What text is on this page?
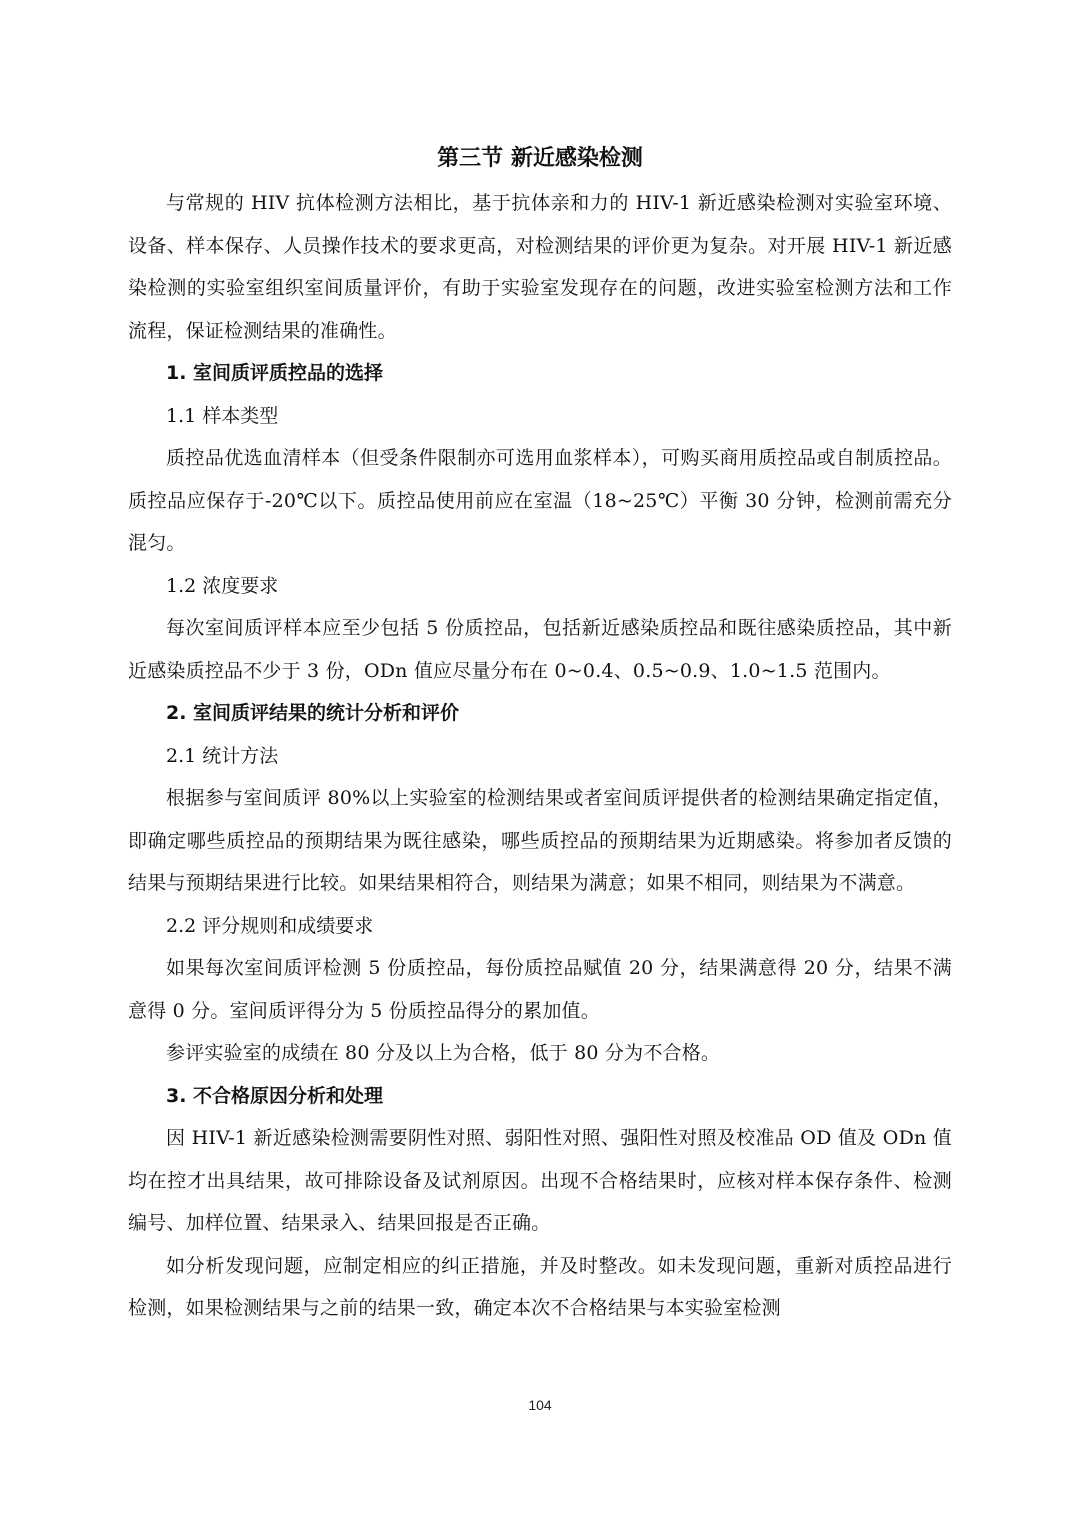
第三节 新近感染检测

与常规的 HIV 抗体检测方法相比，基于抗体亲和力的 HIV-1 新近感染检测对实验室环境、设备、样本保存、人员操作技术的要求更高，对检测结果的评价更为复杂。对开展 HIV-1 新近感染检测的实验室组织室间质量评价，有助于实验室发现存在的问题，改进实验室检测方法和工作流程，保证检测结果的准确性。

1. 室间质评质控品的选择

1.1 样本类型

质控品优选血清样本（但受条件限制亦可选用血浆样本），可购买商用质控品或自制质控品。质控品应保存于-20℃以下。质控品使用前应在室温（18~25℃）平衡 30 分钟，检测前需充分混匀。

1.2 浓度要求

每次室间质评样本应至少包括 5 份质控品，包括新近感染质控品和既往感染质控品，其中新近感染质控品不少于 3 份，ODn 值应尽量分布在 0~0.4、0.5~0.9、1.0~1.5 范围内。

2. 室间质评结果的统计分析和评价

2.1 统计方法

根据参与室间质评 80%以上实验室的检测结果或者室间质评提供者的检测结果确定指定值，即确定哪些质控品的预期结果为既往感染，哪些质控品的预期结果为近期感染。将参加者反馈的结果与预期结果进行比较。如果结果相符合，则结果为满意；如果不相同，则结果为不满意。

2.2 评分规则和成绩要求

如果每次室间质评检测 5 份质控品，每份质控品赋值 20 分，结果满意得 20 分，结果不满意得 0 分。室间质评得分为 5 份质控品得分的累加值。

参评实验室的成绩在 80 分及以上为合格，低于 80 分为不合格。

3. 不合格原因分析和处理

因 HIV-1 新近感染检测需要阴性对照、弱阳性对照、强阳性对照及校准品 OD 值及 ODn 值均在控才出具结果，故可排除设备及试剂原因。出现不合格结果时，应核对样本保存条件、检测编号、加样位置、结果录入、结果回报是否正确。

如分析发现问题，应制定相应的纠正措施，并及时整改。如未发现问题，重新对质控品进行检测，如果检测结果与之前的结果一致，确定本次不合格结果与本实验室检测

104
